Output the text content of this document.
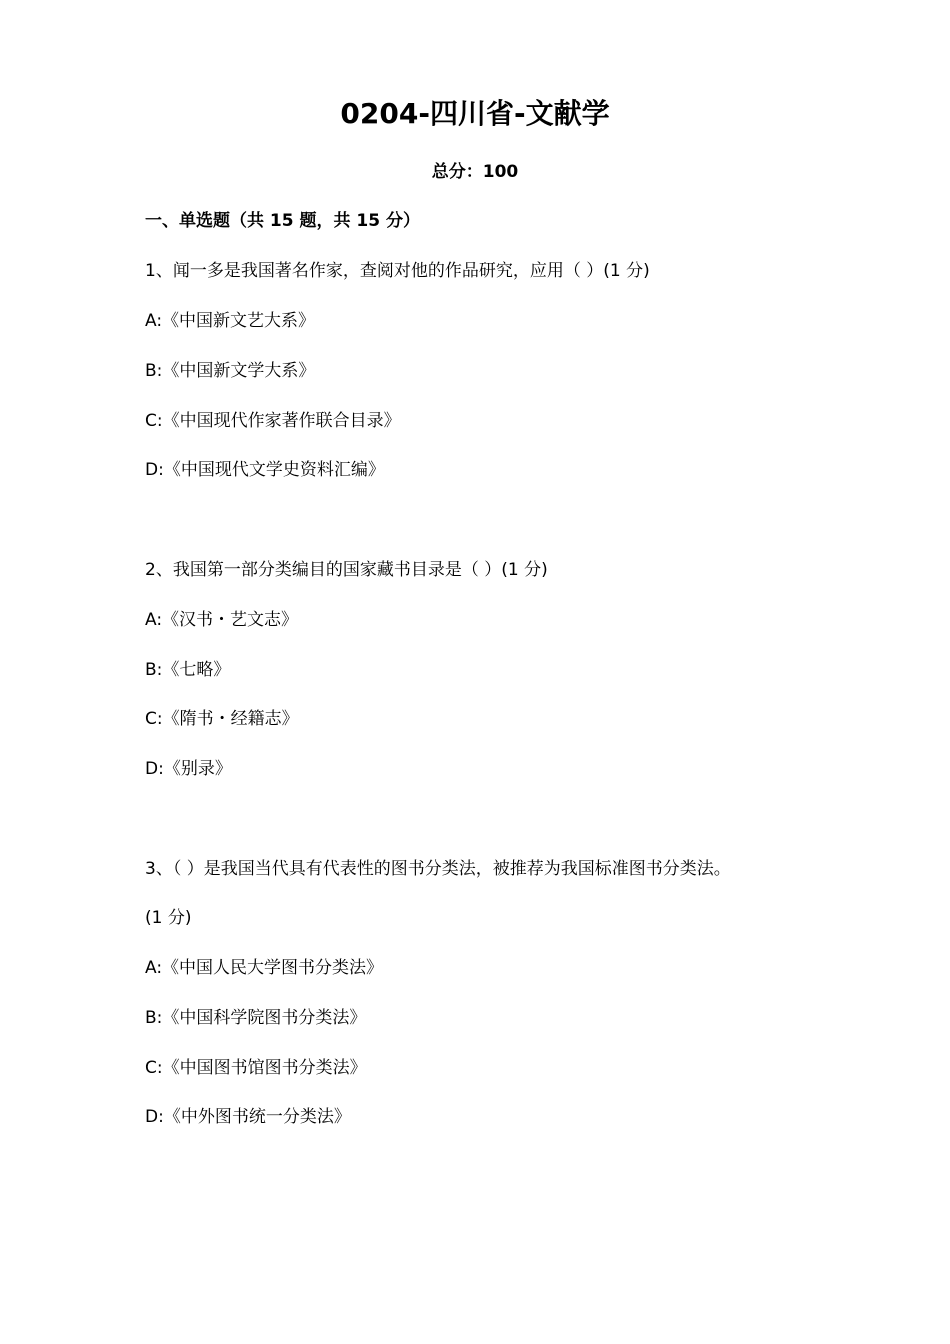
0204-四川省-文献学
总分：100
一、单选题（共 15 题，共 15 分）
1、闻一多是我国著名作家，查阅对他的作品研究，应用（ ）(1 分)
A:《中国新文艺大系》
B:《中国新文学大系》
C:《中国现代作家著作联合目录》
D:《中国现代文学史资料汇编》
2、我国第一部分类编目的国家藏书目录是（ ）(1 分)
A:《汉书・艺文志》
B:《七略》
C:《隋书・经籍志》
D:《别录》
3、（ ）是我国当代具有代表性的图书分类法，被推荐为我国标准图书分类法。
(1 分)
A:《中国人民大学图书分类法》
B:《中国科学院图书分类法》
C:《中国图书馆图书分类法》
D:《中外图书统一分类法》
